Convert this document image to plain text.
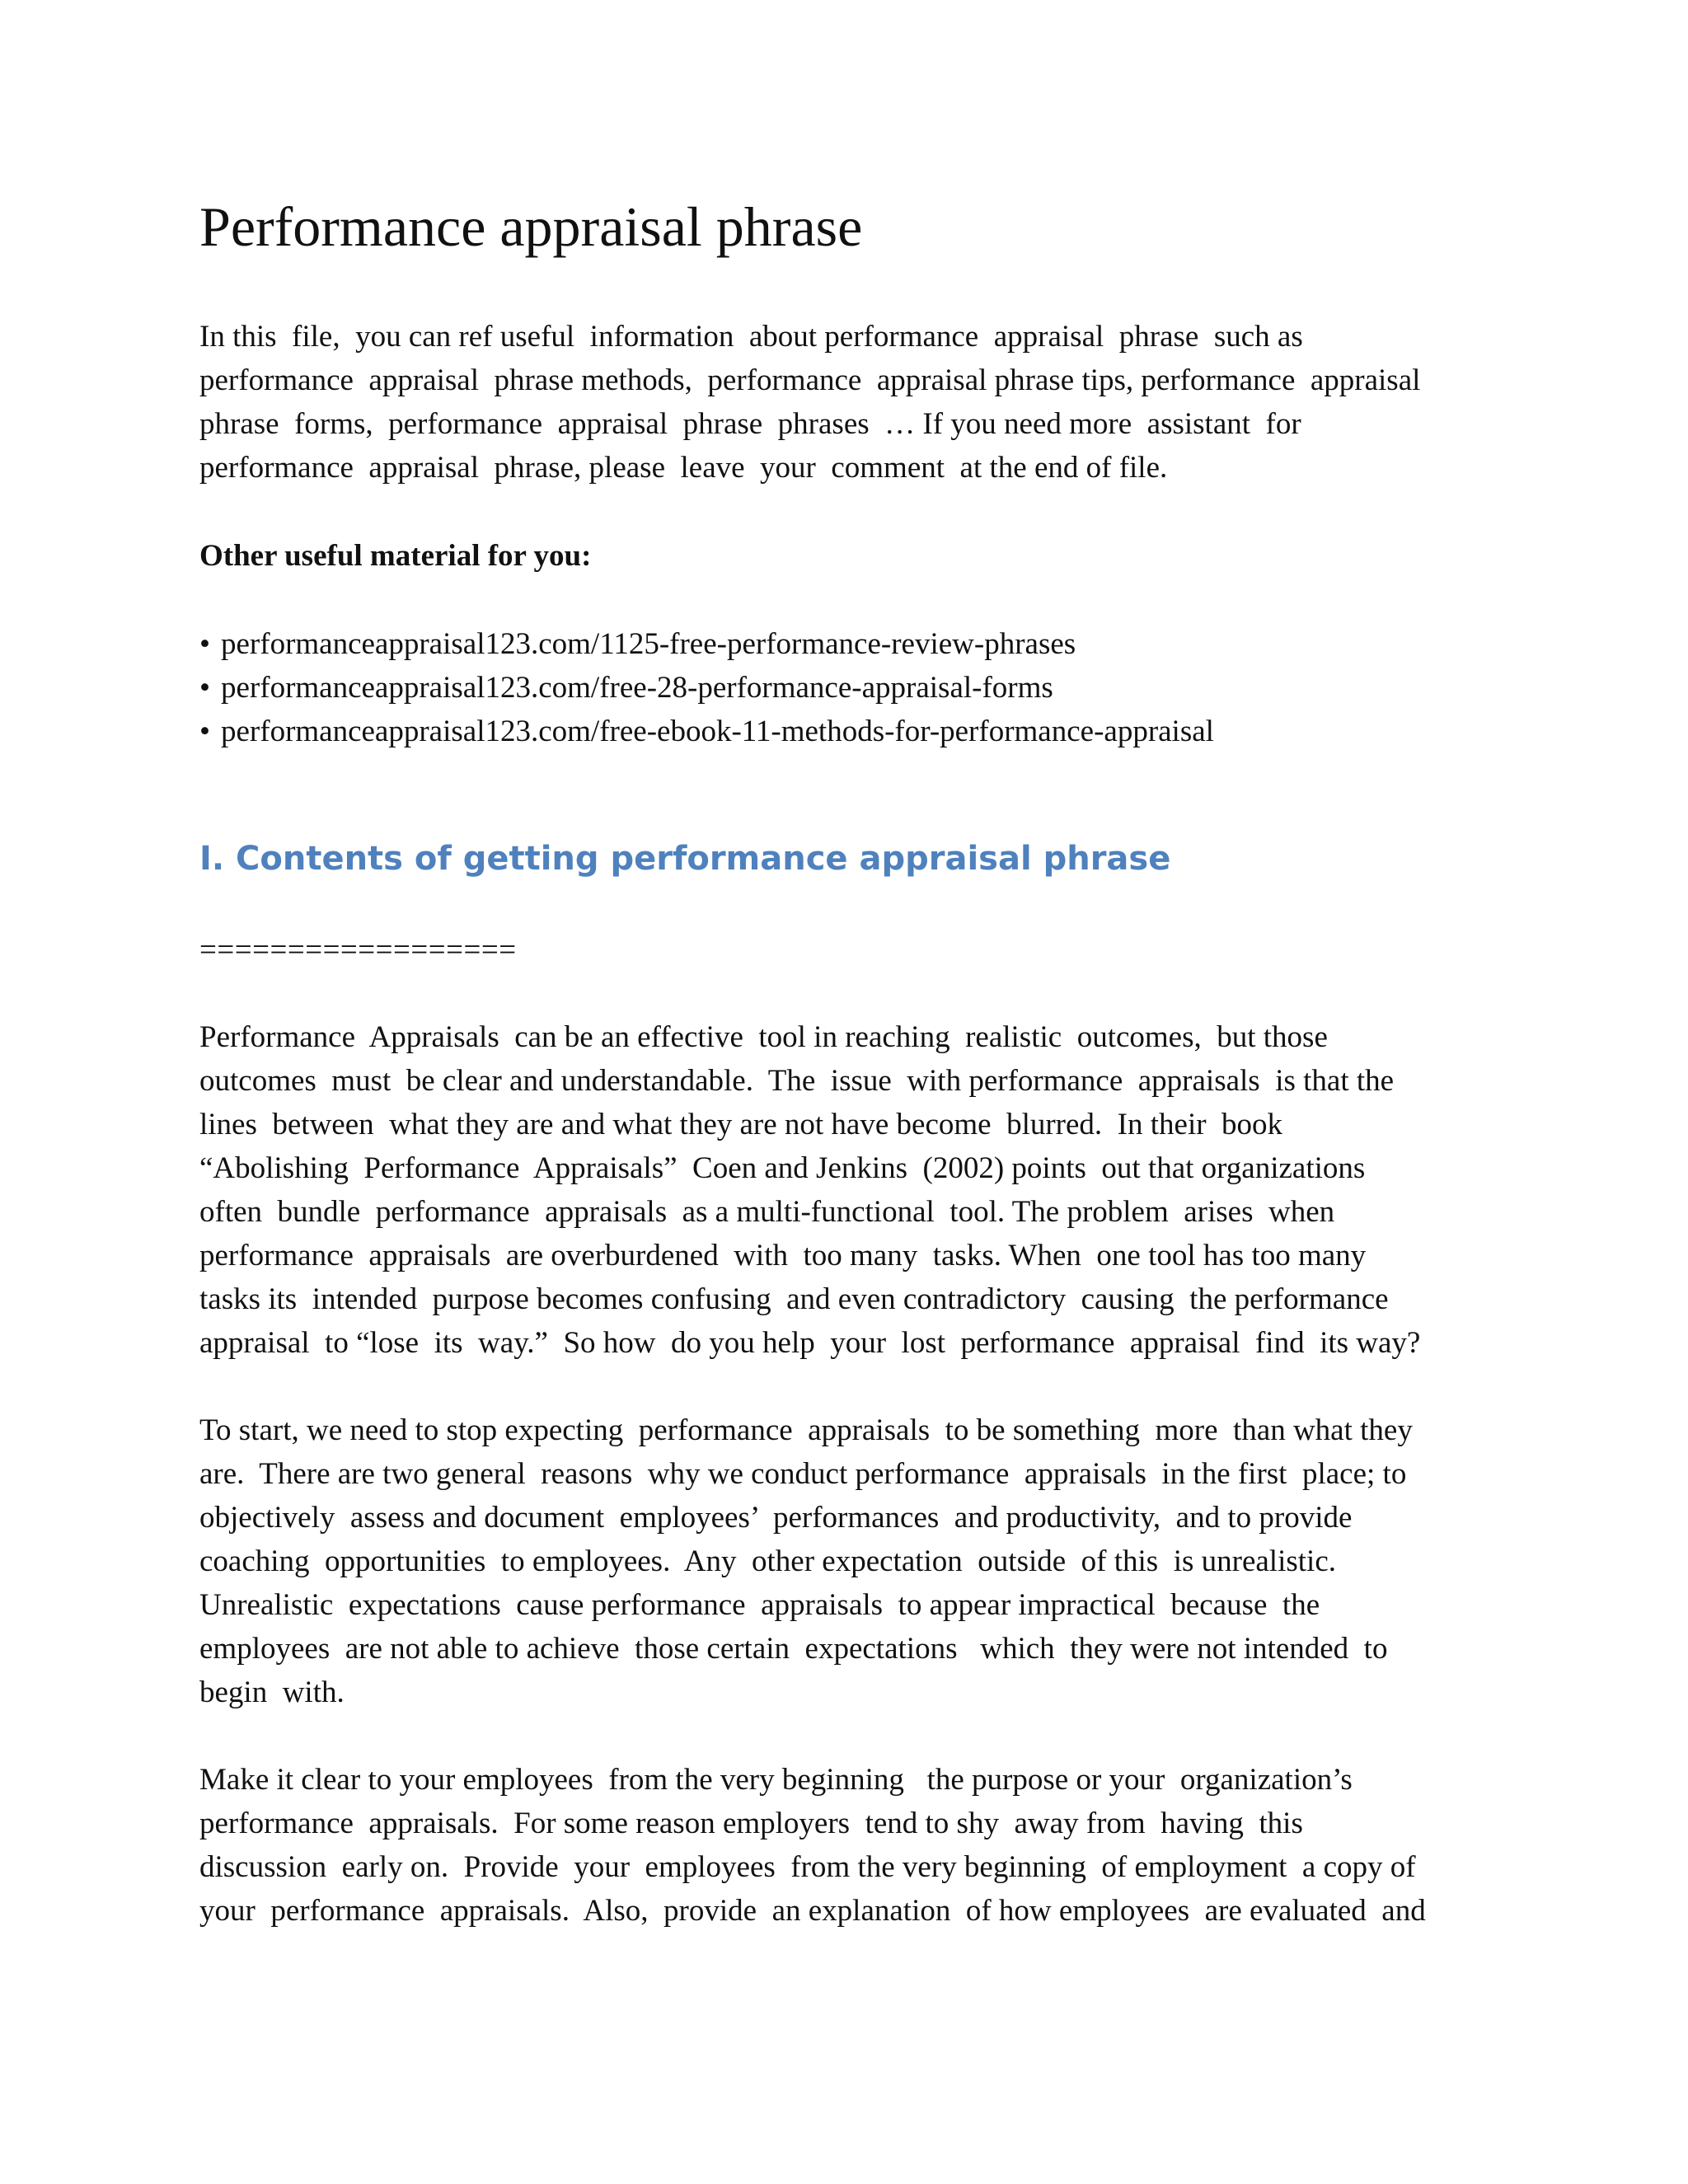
Performance appraisal phrase
In this  file,  you can ref useful  information  about performance  appraisal  phrase  such as
performance  appraisal  phrase methods,  performance  appraisal phrase tips, performance  appraisal
phrase  forms,  performance  appraisal  phrase  phrases  … If you need more  assistant  for
performance  appraisal  phrase, please  leave  your  comment  at the end of file.

Other useful material for you:

• performanceappraisal123.com/1125-free-performance-review-phrases
• performanceappraisal123.com/free-28-performance-appraisal-forms
• performanceappraisal123.com/free-ebook-11-methods-for-performance-appraisal
I. Contents of getting performance appraisal phrase
==================
Performance  Appraisals  can be an effective  tool in reaching  realistic  outcomes,  but those
outcomes  must  be clear and understandable.  The  issue  with performance  appraisals  is that the
lines  between  what they are and what they are not have become  blurred.  In their  book
“Abolishing  Performance  Appraisals”  Coen and Jenkins  (2002) points  out that organizations
often  bundle  performance  appraisals  as a multi-functional  tool. The problem  arises  when
performance  appraisals  are overburdened  with  too many  tasks. When  one tool has too many
tasks its  intended  purpose becomes confusing  and even contradictory  causing  the performance
appraisal  to “lose  its  way.”  So how  do you help  your  lost  performance  appraisal  find  its way?
To start, we need to stop expecting  performance  appraisals  to be something  more  than what they
are.  There are two general  reasons  why we conduct performance  appraisals  in the first  place; to
objectively  assess and document  employees’  performances  and productivity,  and to provide
coaching  opportunities  to employees.  Any  other expectation  outside  of this  is unrealistic.
Unrealistic  expectations  cause performance  appraisals  to appear impractical  because  the
employees  are not able to achieve  those certain  expectations   which  they were not intended  to
begin  with.
Make it clear to your employees  from the very beginning   the purpose or your  organization’s
performance  appraisals.  For some reason employers  tend to shy  away from  having  this
discussion  early on.  Provide  your  employees  from the very beginning  of employment  a copy of
your  performance  appraisals.  Also,  provide  an explanation  of how employees  are evaluated  and
